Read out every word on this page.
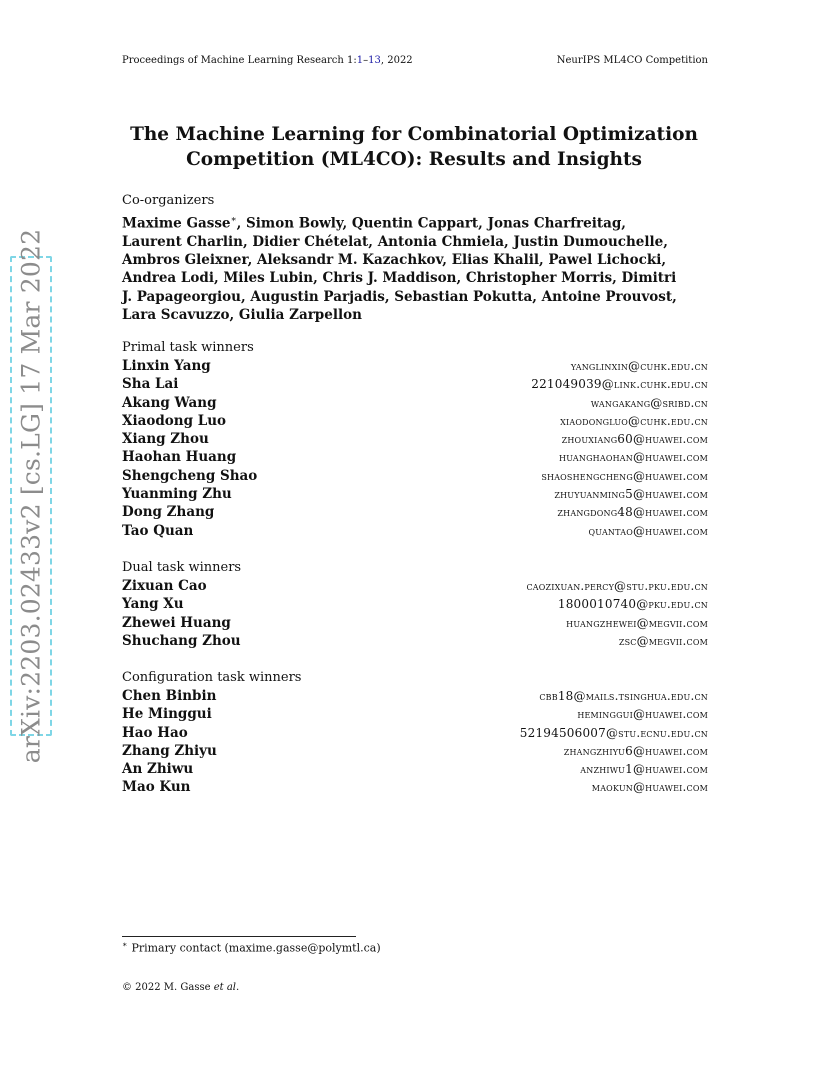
Proceedings of Machine Learning Research 1:1–13, 2022	NeurIPS ML4CO Competition
arXiv:2203.02433v2 [cs.LG] 17 Mar 2022
The Machine Learning for Combinatorial Optimization
Competition (ML4CO): Results and Insights
Co-organizers
Maxime Gasse∗, Simon Bowly, Quentin Cappart, Jonas Charfreitag, Laurent Charlin, Didier Chételat, Antonia Chmiela, Justin Dumouchelle, Ambros Gleixner, Aleksandr M. Kazachkov, Elias Khalil, Pawel Lichocki, Andrea Lodi, Miles Lubin, Chris J. Maddison, Christopher Morris, Dimitri J. Papageorgiou, Augustin Parjadis, Sebastian Pokutta, Antoine Prouvost, Lara Scavuzzo, Giulia Zarpellon
Primal task winners
Linxin Yang	yanglinxin@cuhk.edu.cn
Sha Lai	221049039@link.cuhk.edu.cn
Akang Wang	wangakang@sribd.cn
Xiaodong Luo	xiaodongluo@cuhk.edu.cn
Xiang Zhou	zhouxiang60@huawei.com
Haohan Huang	huanghaohan@huawei.com
Shengcheng Shao	shaoshengcheng@huawei.com
Yuanming Zhu	zhuyuanming5@huawei.com
Dong Zhang	zhangdong48@huawei.com
Tao Quan	quantao@huawei.com
Dual task winners
Zixuan Cao	caozixuan.percy@stu.pku.edu.cn
Yang Xu	1800010740@pku.edu.cn
Zhewei Huang	huangzhewei@megvii.com
Shuchang Zhou	zsc@megvii.com
Configuration task winners
Chen Binbin	cbb18@mails.tsinghua.edu.cn
He Minggui	heminggui@huawei.com
Hao Hao	52194506007@stu.ecnu.edu.cn
Zhang Zhiyu	zhangzhiyu6@huawei.com
An Zhiwu	anzhiwu1@huawei.com
Mao Kun	maokun@huawei.com
∗ Primary contact (maxime.gasse@polymtl.ca)
© 2022 M. Gasse et al.
